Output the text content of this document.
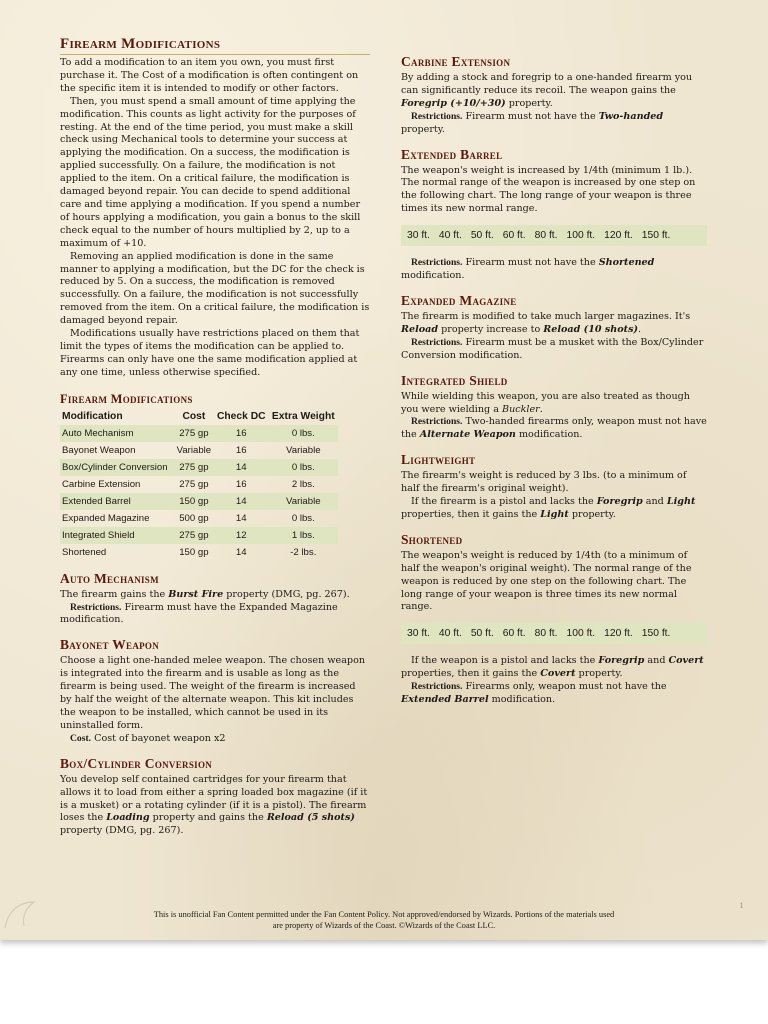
Firearm Modifications

To add a modification to an item you own, you must first purchase it. The Cost of a modification is often contingent on the specific item it is intended to modify or other factors.

Then, you must spend a small amount of time applying the modification. This counts as light activity for the purposes of resting. At the end of the time period, you must make a skill check using Mechanical tools to determine your success at applying the modification. On a success, the modification is applied successfully. On a failure, the modification is not applied to the item. On a critical failure, the modification is damaged beyond repair. You can decide to spend additional care and time applying a modification. If you spend a number of hours applying a modification, you gain a bonus to the skill check equal to the number of hours multiplied by 2, up to a maximum of +10.

Removing an applied modification is done in the same manner to applying a modification, but the DC for the check is reduced by 5. On a success, the modification is removed successfully. On a failure, the modification is not successfully removed from the item. On a critical failure, the modification is damaged beyond repair.

Modifications usually have restrictions placed on them that limit the types of items the modification can be applied to. Firearms can only have one the same modification applied at any one time, unless otherwise specified.

Firearm Modifications
Modification	Cost	Check DC	Extra Weight
Auto Mechanism	275 gp	16	0 lbs.
Bayonet Weapon	Variable	16	Variable
Box/Cylinder Conversion	275 gp	14	0 lbs.
Carbine Extension	275 gp	16	2 lbs.
Extended Barrel	150 gp	14	Variable
Expanded Magazine	500 gp	14	0 lbs.
Integrated Shield	275 gp	12	1 lbs.
Shortened	150 gp	14	-2 lbs.
Auto Mechanism

The firearm gains the Burst Fire property (DMG, pg. 267).

Restrictions. Firearm must have the Expanded Magazine modification.

Bayonet Weapon

Choose a light one-handed melee weapon. The chosen weapon is integrated into the firearm and is usable as long as the firearm is being used. The weight of the firearm is increased by half the weight of the alternate weapon. This kit includes the weapon to be installed, which cannot be used in its uninstalled form.

Cost. Cost of bayonet weapon x2

Box/Cylinder Conversion

You develop self contained cartridges for your firearm that allows it to load from either a spring loaded box magazine (if it is a musket) or a rotating cylinder (if it is a pistol). The firearm loses the Loading property and gains the Reload (5 shots) property (DMG, pg. 267).

Carbine Extension

By adding a stock and foregrip to a one-handed firearm you can significantly reduce its recoil. The weapon gains the Foregrip (+10/+30) property.

Restrictions. Firearm must not have the Two-handed property.

Extended Barrel

The weapon's weight is increased by 1/4th (minimum 1 lb.). The normal range of the weapon is increased by one step on the following chart. The long range of your weapon is three times its new normal range.

30 ft. 40 ft. 50 ft. 60 ft. 80 ft. 100 ft. 120 ft. 150 ft.

Restrictions. Firearm must not have the Shortened modification.

Expanded Magazine

The firearm is modified to take much larger magazines. It's Reload property increase to Reload (10 shots).

Restrictions. Firearm must be a musket with the Box/Cylinder Conversion modification.

Integrated Shield

While wielding this weapon, you are also treated as though you were wielding a Buckler.

Restrictions. Two-handed firearms only, weapon must not have the Alternate Weapon modification.

Lightweight

The firearm's weight is reduced by 3 lbs. (to a minimum of half the firearm's original weight).

If the firearm is a pistol and lacks the Foregrip and Light properties, then it gains the Light property.

Shortened

The weapon's weight is reduced by 1/4th (to a minimum of half the weapon's original weight). The normal range of the weapon is reduced by one step on the following chart. The long range of your weapon is three times its new normal range.

30 ft. 40 ft. 50 ft. 60 ft. 80 ft. 100 ft. 120 ft. 150 ft.

If the weapon is a pistol and lacks the Foregrip and Covert properties, then it gains the Covert property.

Restrictions. Firearms only, weapon must not have the Extended Barrel modification.

1
This is unofficial Fan Content permitted under the Fan Content Policy. Not approved/endorsed by Wizards. Portions of the materials used
are property of Wizards of the Coast. ©Wizards of the Coast LLC.
